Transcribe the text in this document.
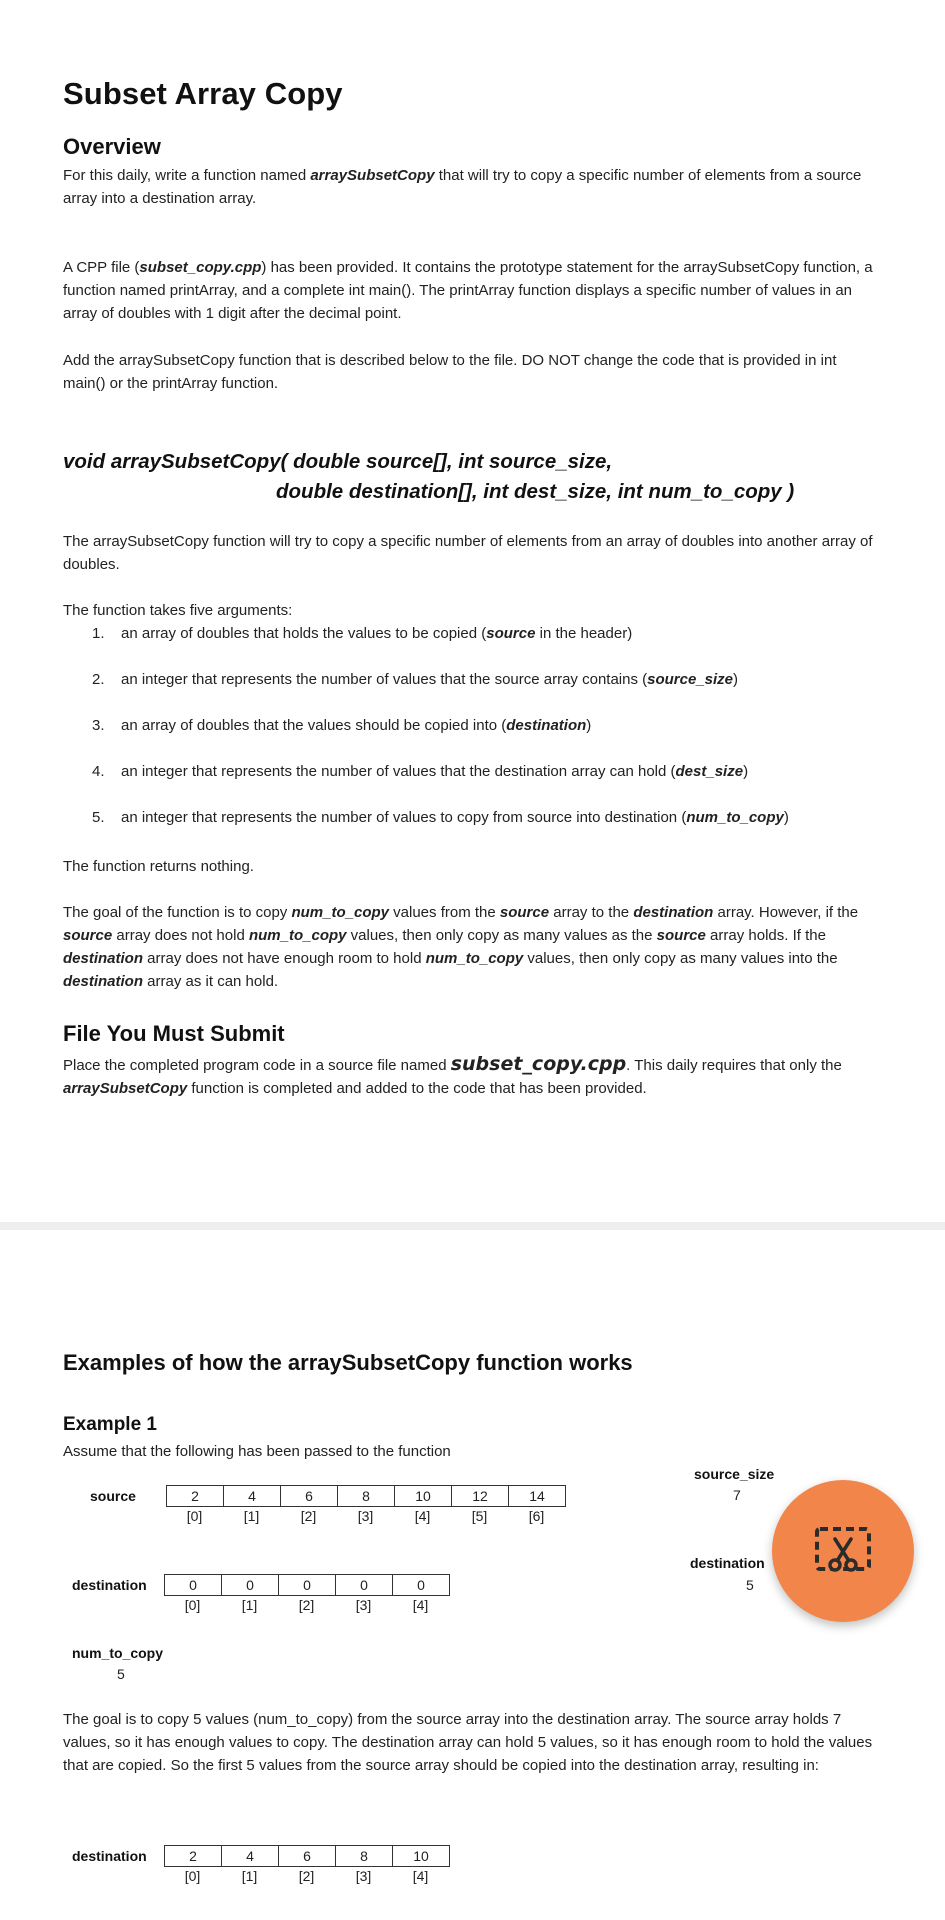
Subset Array Copy
Overview

For this daily, write a function named arraySubsetCopy that will try to copy a specific number of elements from a source array into a destination array.

A CPP file (subset_copy.cpp) has been provided. It contains the prototype statement for the arraySubsetCopy function, a function named printArray, and a complete int main(). The printArray function displays a specific number of values in an array of doubles with 1 digit after the decimal point.

Add the arraySubsetCopy function that is described below to the file. DO NOT change the code that is provided in int main() or the printArray function.

void arraySubsetCopy( double source[], int source_size,

double destination[], int dest_size, int num_to_copy )

The arraySubsetCopy function will try to copy a specific number of elements from an array of doubles into another array of doubles.

The function takes five arguments:

1. an array of doubles that holds the values to be copied (source in the header)
2. an integer that represents the number of values that the source array contains (source_size)
3. an array of doubles that the values should be copied into (destination)
4. an integer that represents the number of values that the destination array can hold (dest_size)
5. an integer that represents the number of values to copy from source into destination (num_to_copy)

The function returns nothing.

The goal of the function is to copy num_to_copy values from the source array to the destination array. However, if the source array does not hold num_to_copy values, then only copy as many values as the source array holds. If the destination array does not have enough room to hold num_to_copy values, then only copy as many values into the destination array as it can hold.

File You Must Submit

Place the completed program code in a source file named subset_copy.cpp. This daily requires that only the arraySubsetCopy function is completed and added to the code that has been provided.

Examples of how the arraySubsetCopy function works
Example 1

Assume that the following has been passed to the function

source	2	4	6	8	10	12	14
[0]	[1]	[2]	[3]	[4]	[5]	[6]
source_size
7
destination
5
destination	0	0	0	0	0
[0]	[1]	[2]	[3]	[4]
num_to_copy
5

The goal is to copy 5 values (num_to_copy) from the source array into the destination array. The source array holds 7 values, so it has enough values to copy. The destination array can hold 5 values, so it has enough room to hold the values that are copied. So the first 5 values from the source array should be copied into the destination array, resulting in:

destination	2	4	6	8	10
[0]	[1]	[2]	[3]	[4]
